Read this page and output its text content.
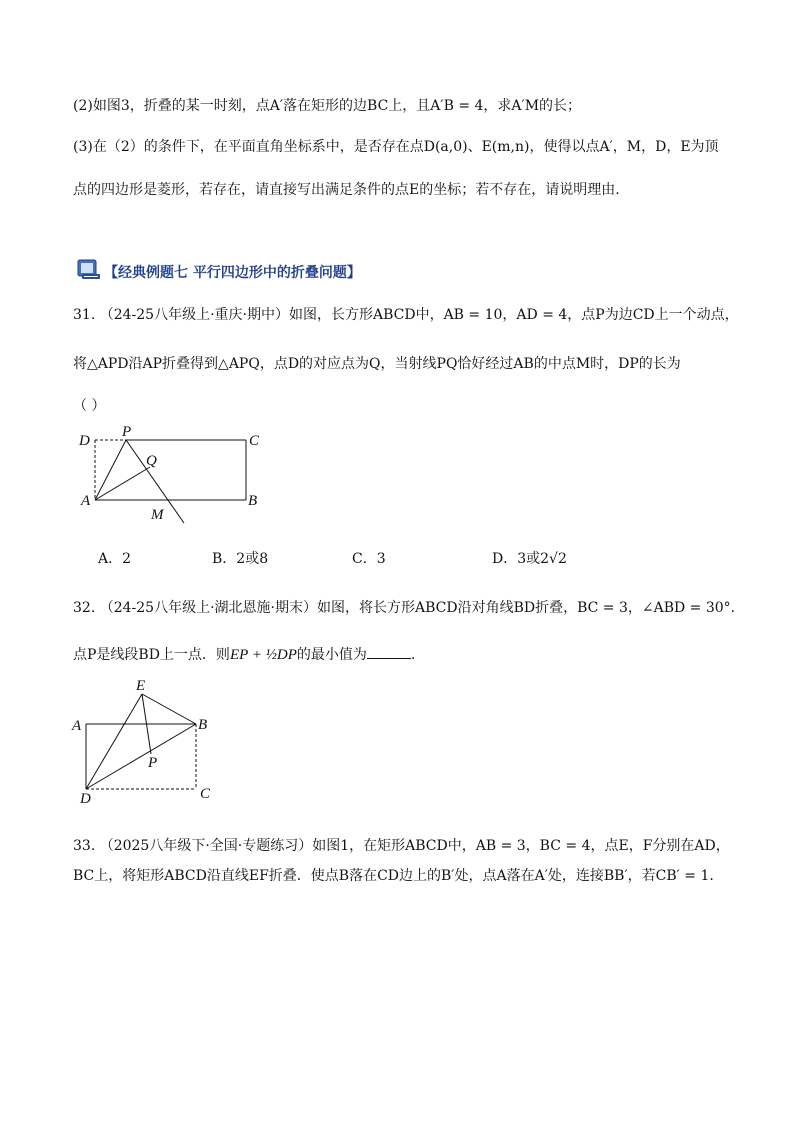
(2)如图3，折叠的某一时刻，点A′落在矩形的边BC上，且A′B = 4，求A′M的长；
(3)在（2）的条件下，在平面直角坐标系中，是否存在点D(a,0)、E(m,n)，使得以点A′，M，D，E为顶
点的四边形是菱形，若存在，请直接写出满足条件的点E的坐标；若不存在，请说明理由.
【经典例题七 平行四边形中的折叠问题】
31. （24-25八年级上·重庆·期中）如图，长方形ABCD中，AB = 10，AD = 4，点P为边CD上一个动点，
将△APD沿AP折叠得到△APQ，点D的对应点为Q，当射线PQ恰好经过AB的中点M时，DP的长为
（ ）
D
P
C
Q
A	B
M
A．2	B．2或8	C．3	D．3或2√2
32. （24-25八年级上·湖北恩施·期末）如图，将长方形ABCD沿对角线BD折叠，BC = 3，∠ABD = 30°.
点P是线段BD上一点．则EP + ½DP的最小值为	.
E
A	B
P
D	C
33. （2025八年级下·全国·专题练习）如图1，在矩形ABCD中，AB = 3，BC = 4，点E，F分别在AD，
BC上，将矩形ABCD沿直线EF折叠．使点B落在CD边上的B′处，点A落在A′处，连接BB′，若CB′ = 1.
